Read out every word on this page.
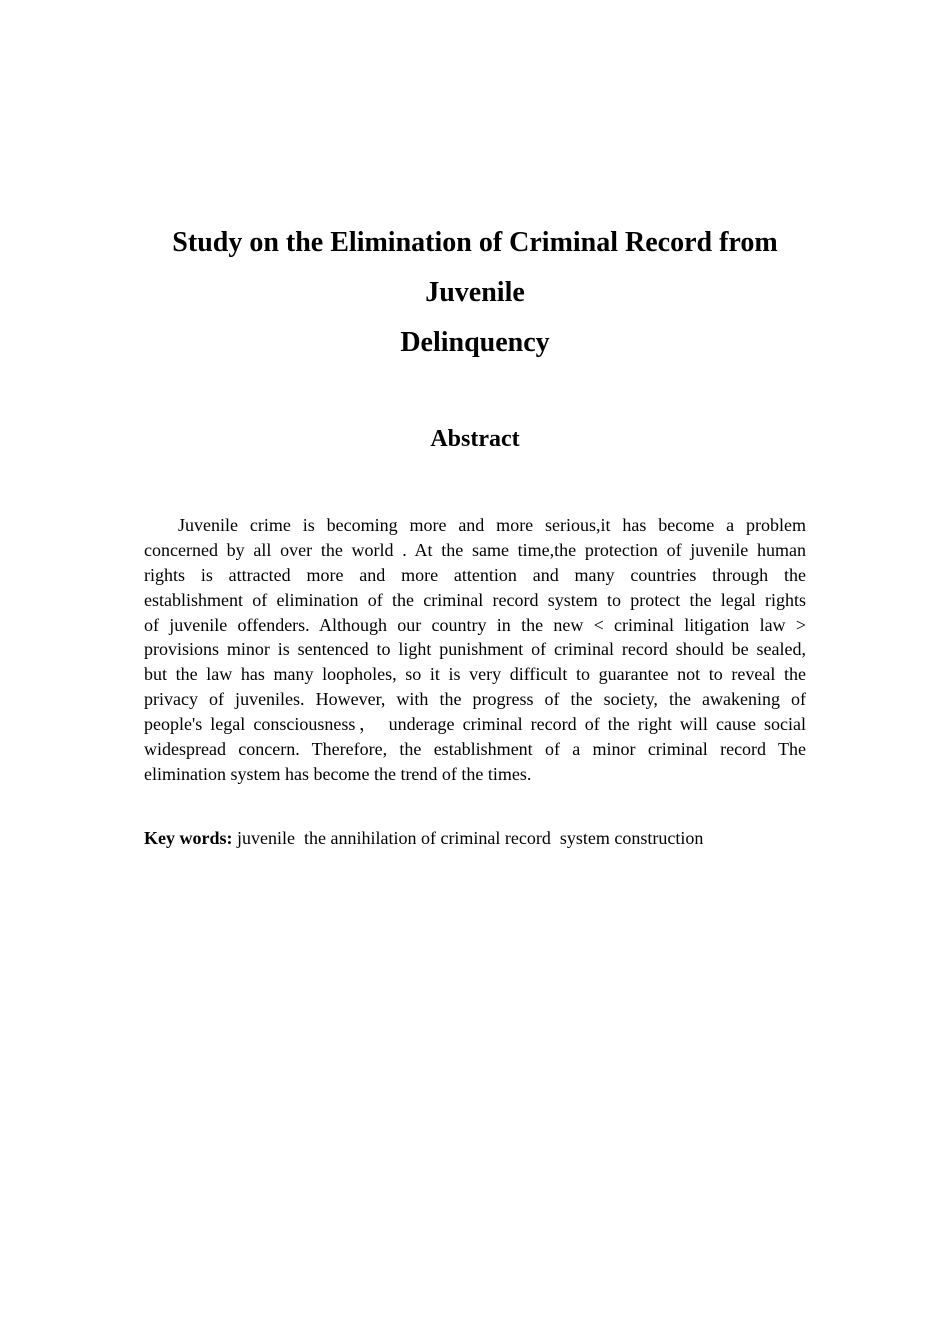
Study on the Elimination of Criminal Record from
Juvenile
Delinquency
Abstract
Juvenile crime is becoming more and more serious,it has become a problem
concerned by all over the world . At the same time,the protection of juvenile human
rights is attracted more and more attention and many countries through the
establishment of elimination of the criminal record system to protect the legal rights
of juvenile offenders. Although our country in the new < criminal litigation law >
provisions minor is sentenced to light punishment of criminal record should be sealed,
but the law has many loopholes, so it is very difficult to guarantee not to reveal the
privacy of juveniles. However, with the progress of the society, the awakening of
people's legal consciousness， underage criminal record of the right will cause social
widespread concern. Therefore, the establishment of a minor criminal record The
elimination system has become the trend of the times.
Key words: juvenile  the annihilation of criminal record  system construction
